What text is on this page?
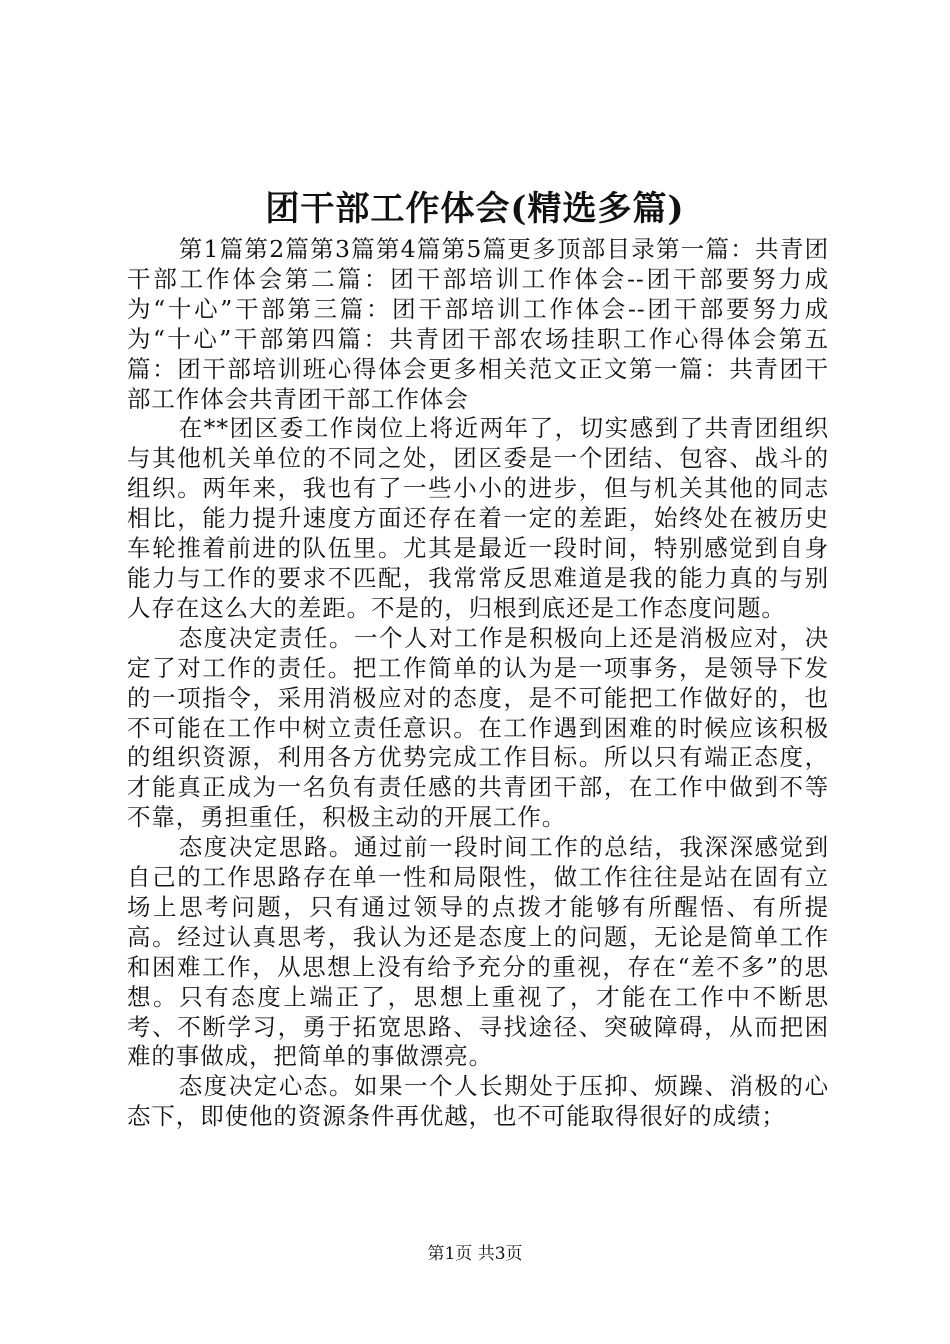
团干部工作体会(精选多篇)

第1篇第2篇第3篇第4篇第5篇更多顶部目录第一篇：共青团干部工作体会第二篇：团干部培训工作体会--团干部要努力成为“十心”干部第三篇：团干部培训工作体会--团干部要努力成为“十心”干部第四篇：共青团干部农场挂职工作心得体会第五篇：团干部培训班心得体会更多相关范文正文第一篇：共青团干部工作体会共青团干部工作体会

在**团区委工作岗位上将近两年了，切实感到了共青团组织与其他机关单位的不同之处，团区委是一个团结、包容、战斗的组织。两年来，我也有了一些小小的进步，但与机关其他的同志相比，能力提升速度方面还存在着一定的差距，始终处在被历史车轮推着前进的队伍里。尤其是最近一段时间，特别感觉到自身能力与工作的要求不匹配，我常常反思难道是我的能力真的与别人存在这么大的差距。不是的，归根到底还是工作态度问题。

态度决定责任。一个人对工作是积极向上还是消极应对，决定了对工作的责任。把工作简单的认为是一项事务，是领导下发的一项指令，采用消极应对的态度，是不可能把工作做好的，也不可能在工作中树立责任意识。在工作遇到困难的时候应该积极的组织资源，利用各方优势完成工作目标。所以只有端正态度，才能真正成为一名负有责任感的共青团干部，在工作中做到不等不靠，勇担重任，积极主动的开展工作。

态度决定思路。通过前一段时间工作的总结，我深深感觉到自己的工作思路存在单一性和局限性，做工作往往是站在固有立场上思考问题，只有通过领导的点拨才能够有所醒悟、有所提高。经过认真思考，我认为还是态度上的问题，无论是简单工作和困难工作，从思想上没有给予充分的重视，存在“差不多”的思想。只有态度上端正了，思想上重视了，才能在工作中不断思考、不断学习，勇于拓宽思路、寻找途径、突破障碍，从而把困难的事做成，把简单的事做漂亮。

态度决定心态。如果一个人长期处于压抑、烦躁、消极的心态下，即使他的资源条件再优越，也不可能取得很好的成绩；

第1页 共3页
